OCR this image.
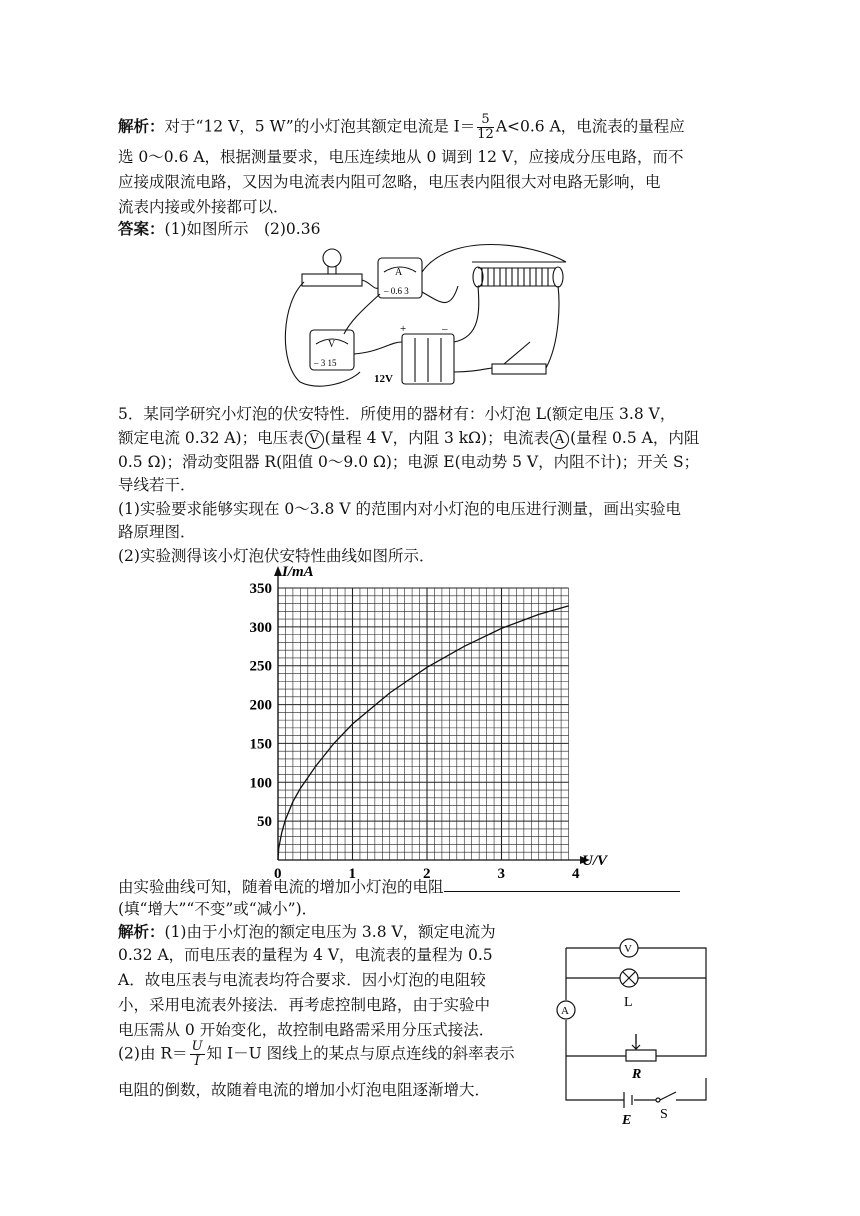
解析：对于“12 V，5 W”的小灯泡其额定电流是 $I= \frac{5}{12} A<0.6$ A，电流表的量程应
选 0～0.6 A，根据测量要求，电压连续地从 0 调到 12 V，应接成分压电路，而不
应接成限流电路，又因为电流表内阻可忽略，电压表内阻很大对电路无影响，电
流表内接或外接都可以．
答案：(1)如图所示　(2)0.36
A
– 0.6 3
V
– 3 15
12V
+	–
5．某同学研究小灯泡的伏安特性．所使用的器材有：小灯泡 L(额定电压 3.8 V，
额定电流 0.32 A)；电压表 V (量程 4 V，内阻 3 kΩ)；电流表 A (量程 0.5 A，内阻
0.5 Ω)；滑动变阻器 R(阻值 0～9.0 Ω)；电源 E(电动势 5 V，内阻不计)；开关 S；
导线若干．
(1)实验要求能够实现在 0～3.8 V 的范围内对小灯泡的电压进行测量，画出实验电
路原理图．
(2)实验测得该小灯泡伏安特性曲线如图所示．
0	1	2	3	4
50
100
150
200
250
300
350
I/mA
U/V
由实验曲线可知，随着电流的增加小灯泡的电阻
(填“增大”“不变”或“减小”)．
解析：(1)由于小灯泡的额定电压为 3.8 V，额定电流为
0.32 A，而电压表的量程为 4 V，电流表的量程为 0.5
A．故电压表与电流表均符合要求．因小灯泡的电阻较
小，采用电流表外接法．再考虑控制电路，由于实验中
电压需从 0 开始变化，故控制电路需采用分压式接法．
(2)由 $R= \frac{U}{I}$ 知 I－U 图线上的某点与原点连线的斜率表示
电阻的倒数，故随着电流的增加小灯泡电阻逐渐增大．
V
A
L
R
E S
